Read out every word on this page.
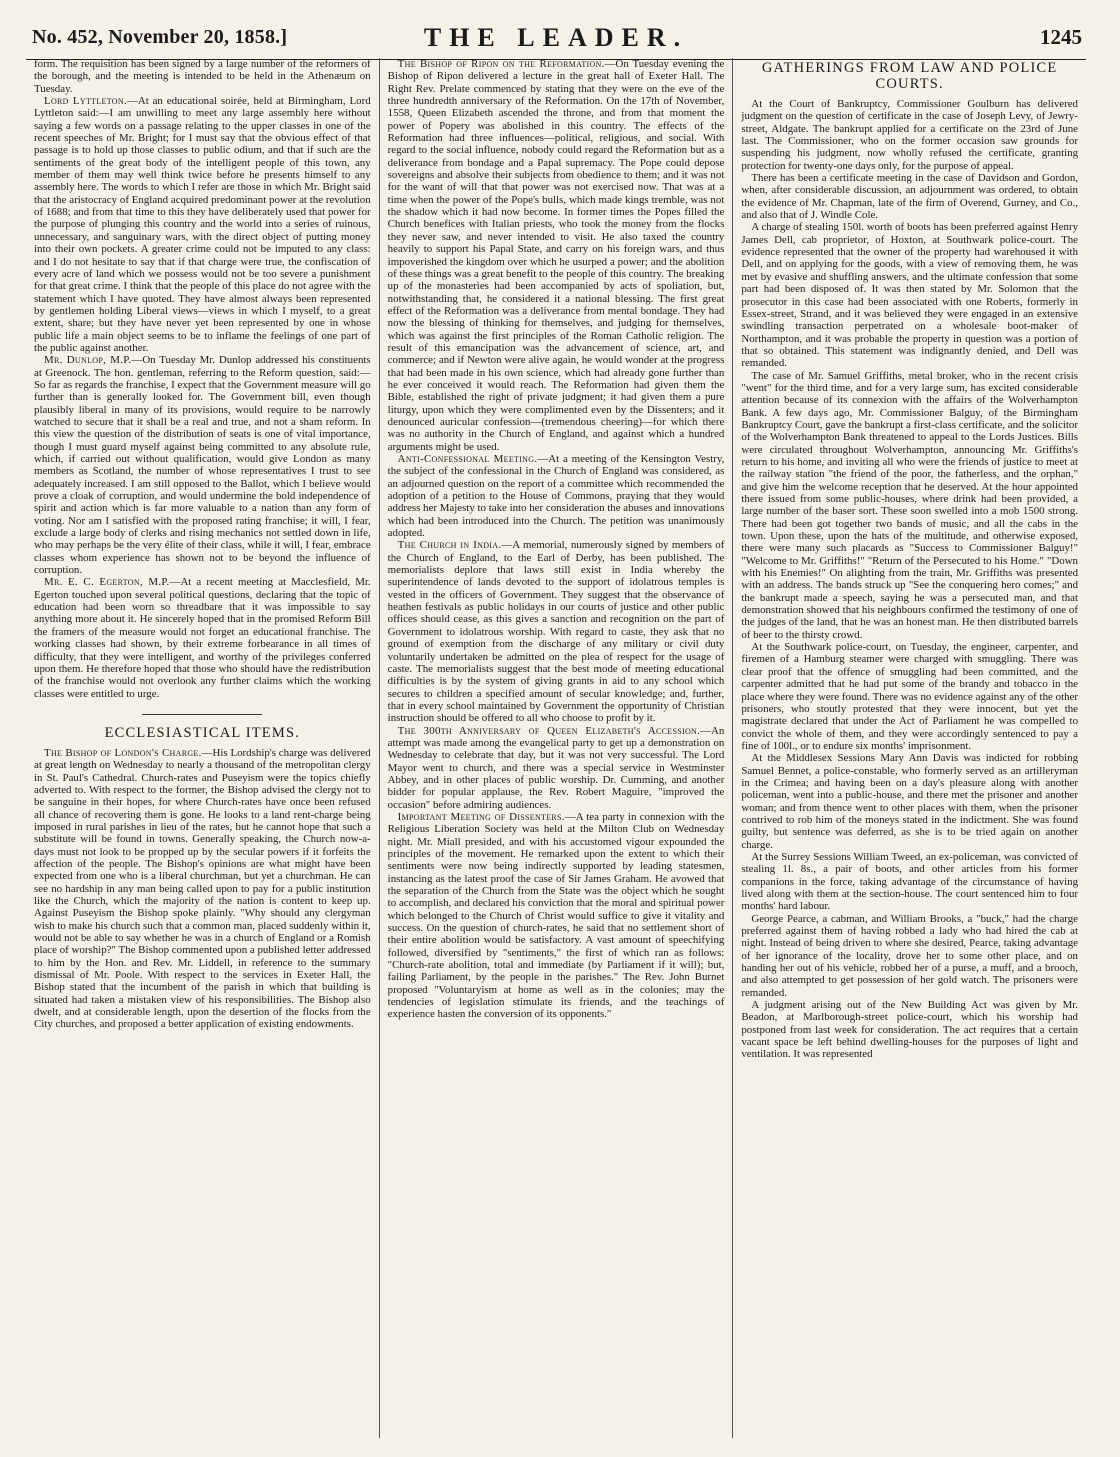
No. 452, November 20, 1858.]	THE LEADER.	1245

form. The requisition has been signed by a large number of the reformers of the borough, and the meeting is intended to be held in the Athenæum on Tuesday.

Lord Lyttleton.—At an educational soirée, held at Birmingham, Lord Lyttleton said:—I am unwilling to meet any large assembly here without saying a few words on a passage relating to the upper classes in one of the recent speeches of Mr. Bright; for I must say that the obvious effect of that passage is to hold up those classes to public odium, and that if such are the sentiments of the great body of the intelligent people of this town, any member of them may well think twice before he presents himself to any assembly here. The words to which I refer are those in which Mr. Bright said that the aristocracy of England acquired predominant power at the revolution of 1688; and from that time to this they have deliberately used that power for the purpose of plunging this country and the world into a series of ruinous, unnecessary, and sanguinary wars, with the direct object of putting money into their own pockets. A greater crime could not be imputed to any class: and I do not hesitate to say that if that charge were true, the confiscation of every acre of land which we possess would not be too severe a punishment for that great crime. I think that the people of this place do not agree with the statement which I have quoted. They have almost always been represented by gentlemen holding Liberal views—views in which I myself, to a great extent, share; but they have never yet been represented by one in whose public life a main object seems to be to inflame the feelings of one part of the public against another.

Mr. Dunlop, M.P.—On Tuesday Mr. Dunlop addressed his constituents at Greenock. The hon. gentleman, referring to the Reform question, said:—So far as regards the franchise, I expect that the Government measure will go further than is generally looked for. The Government bill, even though plausibly liberal in many of its provisions, would require to be narrowly watched to secure that it shall be a real and true, and not a sham reform. In this view the question of the distribution of seats is one of vital importance, though I must guard myself against being committed to any absolute rule, which, if carried out without qualification, would give London as many members as Scotland, the number of whose representatives I trust to see adequately increased. I am still opposed to the Ballot, which I believe would prove a cloak of corruption, and would undermine the bold independence of spirit and action which is far more valuable to a nation than any form of voting. Nor am I satisfied with the proposed rating franchise; it will, I fear, exclude a large body of clerks and rising mechanics not settled down in life, who may perhaps be the very élite of their class, while it will, I fear, embrace classes whom experience has shown not to be beyond the influence of corruption.

Mr. E. C. Egerton, M.P.—At a recent meeting at Macclesfield, Mr. Egerton touched upon several political questions, declaring that the topic of education had been worn so threadbare that it was impossible to say anything more about it. He sincerely hoped that in the promised Reform Bill the framers of the measure would not forget an educational franchise. The working classes had shown, by their extreme forbearance in all times of difficulty, that they were intelligent, and worthy of the privileges conferred upon them. He therefore hoped that those who should have the redistribution of the franchise would not overlook any further claims which the working classes were entitled to urge.

ECCLESIASTICAL ITEMS.

The Bishop of London's Charge.—His Lordship's charge was delivered at great length on Wednesday to nearly a thousand of the metropolitan clergy in St. Paul's Cathedral. Church-rates and Puseyism were the topics chiefly adverted to. With respect to the former, the Bishop advised the clergy not to be sanguine in their hopes, for where Church-rates have once been refused all chance of recovering them is gone. He looks to a land rent-charge being imposed in rural parishes in lieu of the rates, but he cannot hope that such a substitute will be found in towns. Generally speaking, the Church now-a-days must not look to be propped up by the secular powers if it forfeits the affection of the people. The Bishop's opinions are what might have been expected from one who is a liberal churchman, but yet a churchman. He can see no hardship in any man being called upon to pay for a public institution like the Church, which the majority of the nation is content to keep up. Against Puseyism the Bishop spoke plainly. "Why should any clergyman wish to make his church such that a common man, placed suddenly within it, would not be able to say whether he was in a church of England or a Romish place of worship?" The Bishop commented upon a published letter addressed to him by the Hon. and Rev. Mr. Liddell, in reference to the summary dismissal of Mr. Poole. With respect to the services in Exeter Hall, the Bishop stated that the incumbent of the parish in which that building is situated had taken a mistaken view of his responsibilities. The Bishop also dwelt, and at considerable length, upon the desertion of the flocks from the City churches, and proposed a better application of existing endowments.

The Bishop of Ripon on the Reformation.—On Tuesday evening the Bishop of Ripon delivered a lecture in the great hall of Exeter Hall. The Right Rev. Prelate commenced by stating that they were on the eve of the three hundredth anniversary of the Reformation. On the 17th of November, 1558, Queen Elizabeth ascended the throne, and from that moment the power of Popery was abolished in this country. The effects of the Reformation had three influences—political, religious, and social. With regard to the social influence, nobody could regard the Reformation but as a deliverance from bondage and a Papal supremacy. The Pope could depose sovereigns and absolve their subjects from obedience to them; and it was not for the want of will that that power was not exercised now. That was at a time when the power of the Pope's bulls, which made kings tremble, was not the shadow which it had now become. In former times the Popes filled the Church benefices with Italian priests, who took the money from the flocks they never saw, and never intended to visit. He also taxed the country heavily to support his Papal State, and carry on his foreign wars, and thus impoverished the kingdom over which he usurped a power; and the abolition of these things was a great benefit to the people of this country. The breaking up of the monasteries had been accompanied by acts of spoliation, but, notwithstanding that, he considered it a national blessing. The first great effect of the Reformation was a deliverance from mental bondage. They had now the blessing of thinking for themselves, and judging for themselves, which was against the first principles of the Roman Catholic religion. The result of this emancipation was the advancement of science, art, and commerce; and if Newton were alive again, he would wonder at the progress that had been made in his own science, which had already gone further than he ever conceived it would reach. The Reformation had given them the Bible, established the right of private judgment; it had given them a pure liturgy, upon which they were complimented even by the Dissenters; and it denounced auricular confession—(tremendous cheering)—for which there was no authority in the Church of England, and against which a hundred arguments might be used.

Anti-Confessional Meeting.—At a meeting of the Kensington Vestry, the subject of the confessional in the Church of England was considered, as an adjourned question on the report of a committee which recommended the adoption of a petition to the House of Commons, praying that they would address her Majesty to take into her consideration the abuses and innovations which had been introduced into the Church. The petition was unanimously adopted.

The Church in India.—A memorial, numerously signed by members of the Church of England, to the Earl of Derby, has been published. The memorialists deplore that laws still exist in India whereby the superintendence of lands devoted to the support of idolatrous temples is vested in the officers of Government. They suggest that the observance of heathen festivals as public holidays in our courts of justice and other public offices should cease, as this gives a sanction and recognition on the part of Government to idolatrous worship. With regard to caste, they ask that no ground of exemption from the discharge of any military or civil duty voluntarily undertaken be admitted on the plea of respect for the usage of caste. The memorialists suggest that the best mode of meeting educational difficulties is by the system of giving grants in aid to any school which secures to children a specified amount of secular knowledge; and, further, that in every school maintained by Government the opportunity of Christian instruction should be offered to all who choose to profit by it.

The 300th Anniversary of Queen Elizabeth's Accession.—An attempt was made among the evangelical party to get up a demonstration on Wednesday to celebrate that day, but it was not very successful. The Lord Mayor went to church, and there was a special service in Westminster Abbey, and in other places of public worship. Dr. Cumming, and another bidder for popular applause, the Rev. Robert Maguire, "improved the occasion" before admiring audiences.

Important Meeting of Dissenters.—A tea party in connexion with the Religious Liberation Society was held at the Milton Club on Wednesday night. Mr. Miall presided, and with his accustomed vigour expounded the principles of the movement. He remarked upon the extent to which their sentiments were now being indirectly supported by leading statesmen, instancing as the latest proof the case of Sir James Graham. He avowed that the separation of the Church from the State was the object which he sought to accomplish, and declared his conviction that the moral and spiritual power which belonged to the Church of Christ would suffice to give it vitality and success. On the question of church-rates, he said that no settlement short of their entire abolition would be satisfactory. A vast amount of speechifying followed, diversified by "sentiments," the first of which ran as follows: "Church-rate abolition, total and immediate (by Parliament if it will); but, failing Parliament, by the people in the parishes." The Rev. John Burnet proposed "Voluntaryism at home as well as in the colonies; may the tendencies of legislation stimulate its friends, and the teachings of experience hasten the conversion of its opponents."

GATHERINGS FROM LAW AND POLICE COURTS.

At the Court of Bankruptcy, Commissioner Goulburn has delivered judgment on the question of certificate in the case of Joseph Levy, of Jewry-street, Aldgate. The bankrupt applied for a certificate on the 23rd of June last. The Commissioner, who on the former occasion saw grounds for suspending his judgment, now wholly refused the certificate, granting protection for twenty-one days only, for the purpose of appeal.

There has been a certificate meeting in the case of Davidson and Gordon, when, after considerable discussion, an adjournment was ordered, to obtain the evidence of Mr. Chapman, late of the firm of Overend, Gurney, and Co., and also that of J. Windle Cole.

A charge of stealing 150l. worth of boots has been preferred against Henry James Dell, cab proprietor, of Hoxton, at Southwark police-court. The evidence represented that the owner of the property had warehoused it with Dell, and on applying for the goods, with a view of removing them, he was met by evasive and shuffling answers, and the ultimate confession that some part had been disposed of. It was then stated by Mr. Solomon that the prosecutor in this case had been associated with one Roberts, formerly in Essex-street, Strand, and it was believed they were engaged in an extensive swindling transaction perpetrated on a wholesale boot-maker of Northampton, and it was probable the property in question was a portion of that so obtained. This statement was indignantly denied, and Dell was remanded.

The case of Mr. Samuel Griffiths, metal broker, who in the recent crisis "went" for the third time, and for a very large sum, has excited considerable attention because of its connexion with the affairs of the Wolverhampton Bank. A few days ago, Mr. Commissioner Balguy, of the Birmingham Bankruptcy Court, gave the bankrupt a first-class certificate, and the solicitor of the Wolverhampton Bank threatened to appeal to the Lords Justices. Bills were circulated throughout Wolverhampton, announcing Mr. Griffiths's return to his home, and inviting all who were the friends of justice to meet at the railway station "the friend of the poor, the fatherless, and the orphan," and give him the welcome reception that he deserved. At the hour appointed there issued from some public-houses, where drink had been provided, a large number of the baser sort. These soon swelled into a mob 1500 strong. There had been got together two bands of music, and all the cabs in the town. Upon these, upon the hats of the multitude, and otherwise exposed, there were many such placards as "Success to Commissioner Balguy!" "Welcome to Mr. Griffiths!" "Return of the Persecuted to his Home." "Down with his Enemies!" On alighting from the train, Mr. Griffiths was presented with an address. The bands struck up "See the conquering hero comes;" and the bankrupt made a speech, saying he was a persecuted man, and that demonstration showed that his neighbours confirmed the testimony of one of the judges of the land, that he was an honest man. He then distributed barrels of beer to the thirsty crowd.

At the Southwark police-court, on Tuesday, the engineer, carpenter, and firemen of a Hamburg steamer were charged with smuggling. There was clear proof that the offence of smuggling had been committed, and the carpenter admitted that he had put some of the brandy and tobacco in the place where they were found. There was no evidence against any of the other prisoners, who stoutly protested that they were innocent, but yet the magistrate declared that under the Act of Parliament he was compelled to convict the whole of them, and they were accordingly sentenced to pay a fine of 100l., or to endure six months' imprisonment.

At the Middlesex Sessions Mary Ann Davis was indicted for robbing Samuel Bennet, a police-constable, who formerly served as an artilleryman in the Crimea; and having been on a day's pleasure along with another policeman, went into a public-house, and there met the prisoner and another woman; and from thence went to other places with them, when the prisoner contrived to rob him of the moneys stated in the indictment. She was found guilty, but sentence was deferred, as she is to be tried again on another charge.

At the Surrey Sessions William Tweed, an ex-policeman, was convicted of stealing 1l. 8s., a pair of boots, and other articles from his former companions in the force, taking advantage of the circumstance of having lived along with them at the section-house. The court sentenced him to four months' hard labour.

George Pearce, a cabman, and William Brooks, a "buck," had the charge preferred against them of having robbed a lady who had hired the cab at night. Instead of being driven to where she desired, Pearce, taking advantage of her ignorance of the locality, drove her to some other place, and on handing her out of his vehicle, robbed her of a purse, a muff, and a brooch, and also attempted to get possession of her gold watch. The prisoners were remanded.

A judgment arising out of the New Building Act was given by Mr. Beadon, at Marlborough-street police-court, which his worship had postponed from last week for consideration. The act requires that a certain vacant space be left behind dwelling-houses for the purposes of light and ventilation. It was represented
